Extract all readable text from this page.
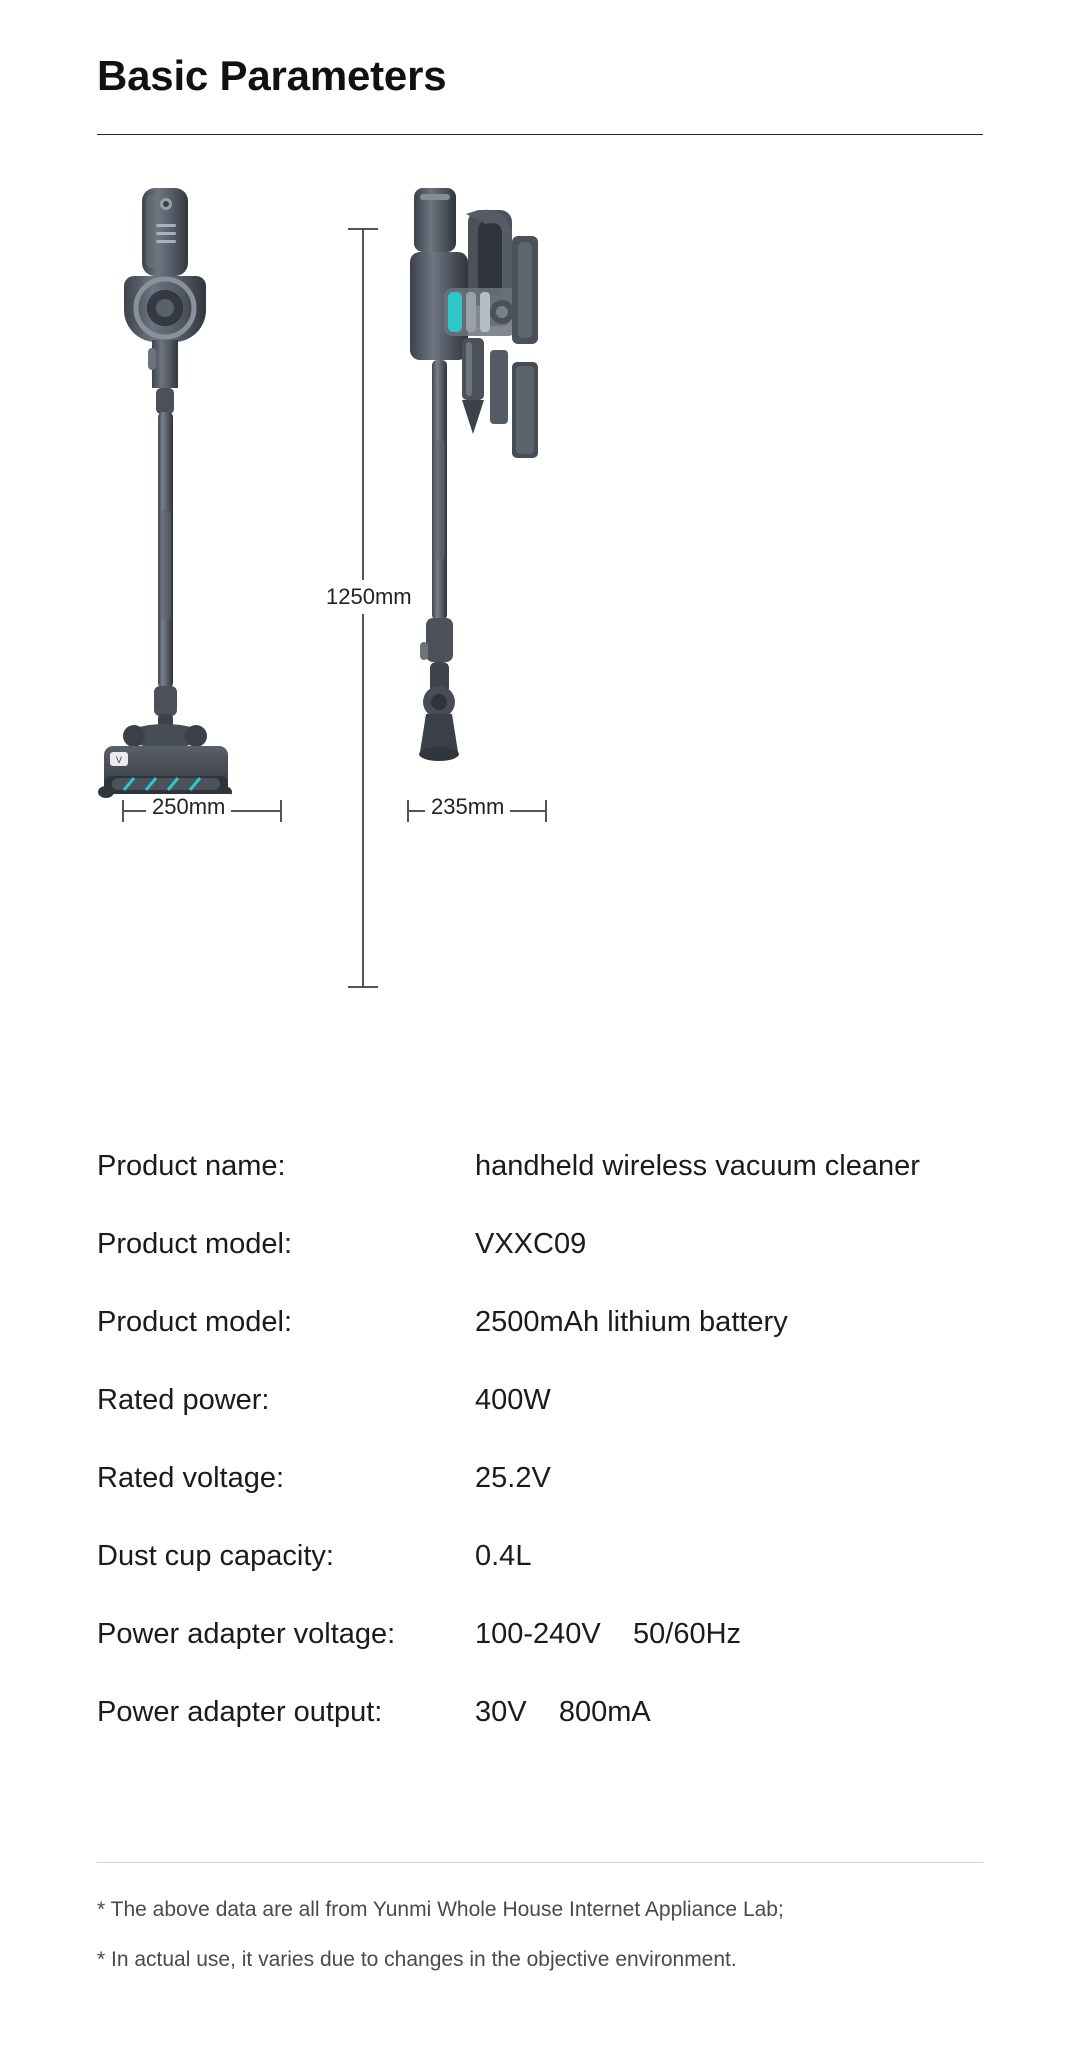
Basic Parameters
V
1250mm
250mm	235mm
Product name:	handheld wireless vacuum cleaner
Product model:	VXXC09
Product model:	2500mAh lithium battery
Rated power:	400W
Rated voltage:	25.2V
Dust cup capacity:	0.4L
Power adapter voltage:	100-240V    50/60Hz
Power adapter output:	30V    800mA
* The above data are all from Yunmi Whole House Internet Appliance Lab;
* In actual use, it varies due to changes in the objective environment.
